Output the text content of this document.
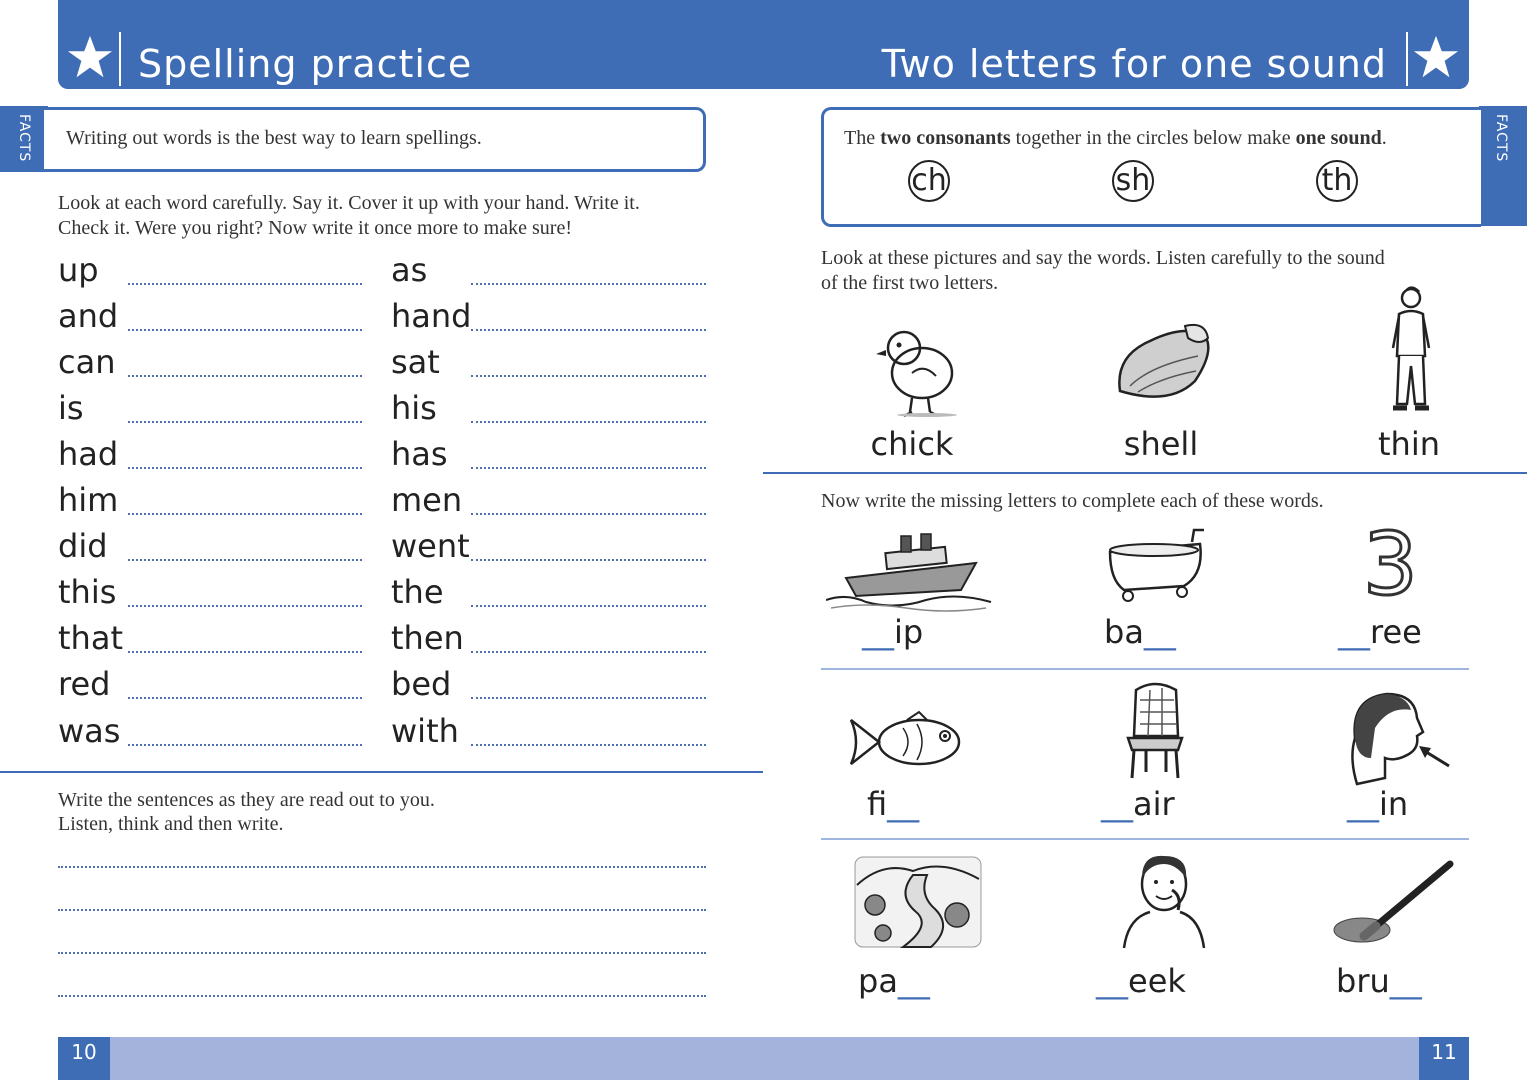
Spelling practice	Two letters for one sound
FACTS Writing out words is the best way to learn spellings.
Look at each word carefully. Say it. Cover it up with your hand. Write it.
Check it. Were you right? Now write it once more to make sure!
up
and
can
is
had
him
did
this
that
red
was
as
hand
sat
his
has
men
went
the
then
bed
with
Write the sentences as they are read out to you.
Listen, think and then write.
FACTS
The two consonants together in the circles below make one sound.
ch	sh	th
Look at these pictures and say the words. Listen carefully to the sound
of the first two letters.
chick	shell	thin
Now write the missing letters to complete each of these words.
3
__ip	ba__	__ree
fi__	__air	__in
pa__	__eek	bru__
10	11
